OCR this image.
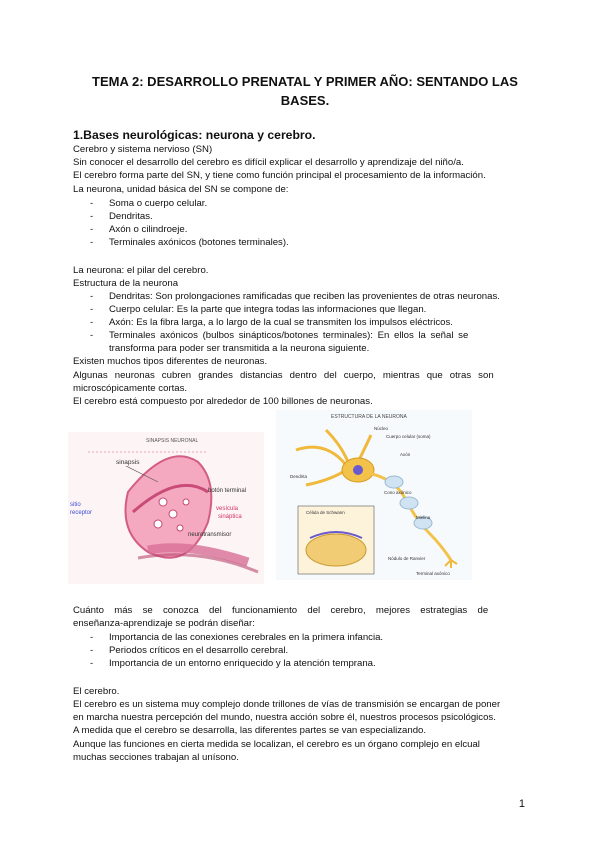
TEMA 2: DESARROLLO PRENATAL Y PRIMER AÑO: SENTANDO LAS BASES.
1.Bases neurológicas: neurona y cerebro.
Cerebro y sistema nervioso (SN)
Sin conocer el desarrollo del cerebro es difícil explicar el desarrollo y aprendizaje del niño/a.
El cerebro forma parte del SN, y tiene como función principal el procesamiento de la información.
La neurona, unidad básica del SN se compone de:
- Soma o cuerpo celular.
- Dendritas.
- Axón o cilindroeje.
- Terminales axónicos (botones terminales).
La neurona: el pilar del cerebro.
Estructura de la neurona
- Dendritas: Son prolongaciones ramificadas que reciben las provenientes de otras neuronas.
- Cuerpo celular: Es la parte que integra todas las informaciones que llegan.
- Axón: Es la fibra larga, a lo largo de la cual se transmiten los impulsos eléctricos.
- Terminales axónicos (bulbos sinápticos/botones terminales): En ellos la señal se
transforma para poder ser transmitida a la neurona siguiente.
Existen muchos tipos diferentes de neuronas.
Algunas neuronas cubren grandes distancias dentro del cuerpo, mientras que otras son
microscópicamente cortas.
El cerebro está compuesto por alrededor de 100 billones de neuronas.
SINAPSIS NEURONAL
sinapsis
botón terminal
vesícula
sináptica
neurotransmisor
sitio
receptor
ESTRUCTURA DE LA NEURONA
Núcleo
Cuerpo celular (soma)
Axón
Dendrita
Cono axónico
Mielina
Nódulo de Ranvier
Terminal axónico
Célula de Schwann
Cuánto más se conozca del funcionamiento del cerebro, mejores estrategias de
enseñanza-aprendizaje se podrán diseñar:
- Importancia de las conexiones cerebrales en la primera infancia.
- Periodos críticos en el desarrollo cerebral.
- Importancia de un entorno enriquecido y la atención temprana.
El cerebro.
El cerebro es un sistema muy complejo donde trillones de vías de transmisión se encargan de poner
en marcha nuestra percepción del mundo, nuestra acción sobre él, nuestros procesos psicológicos.
A medida que el cerebro se desarrolla, las diferentes partes se van especializando.
Aunque las funciones en cierta medida se localizan, el cerebro es un órgano complejo en elcual
muchas secciones trabajan al unísono.
1
